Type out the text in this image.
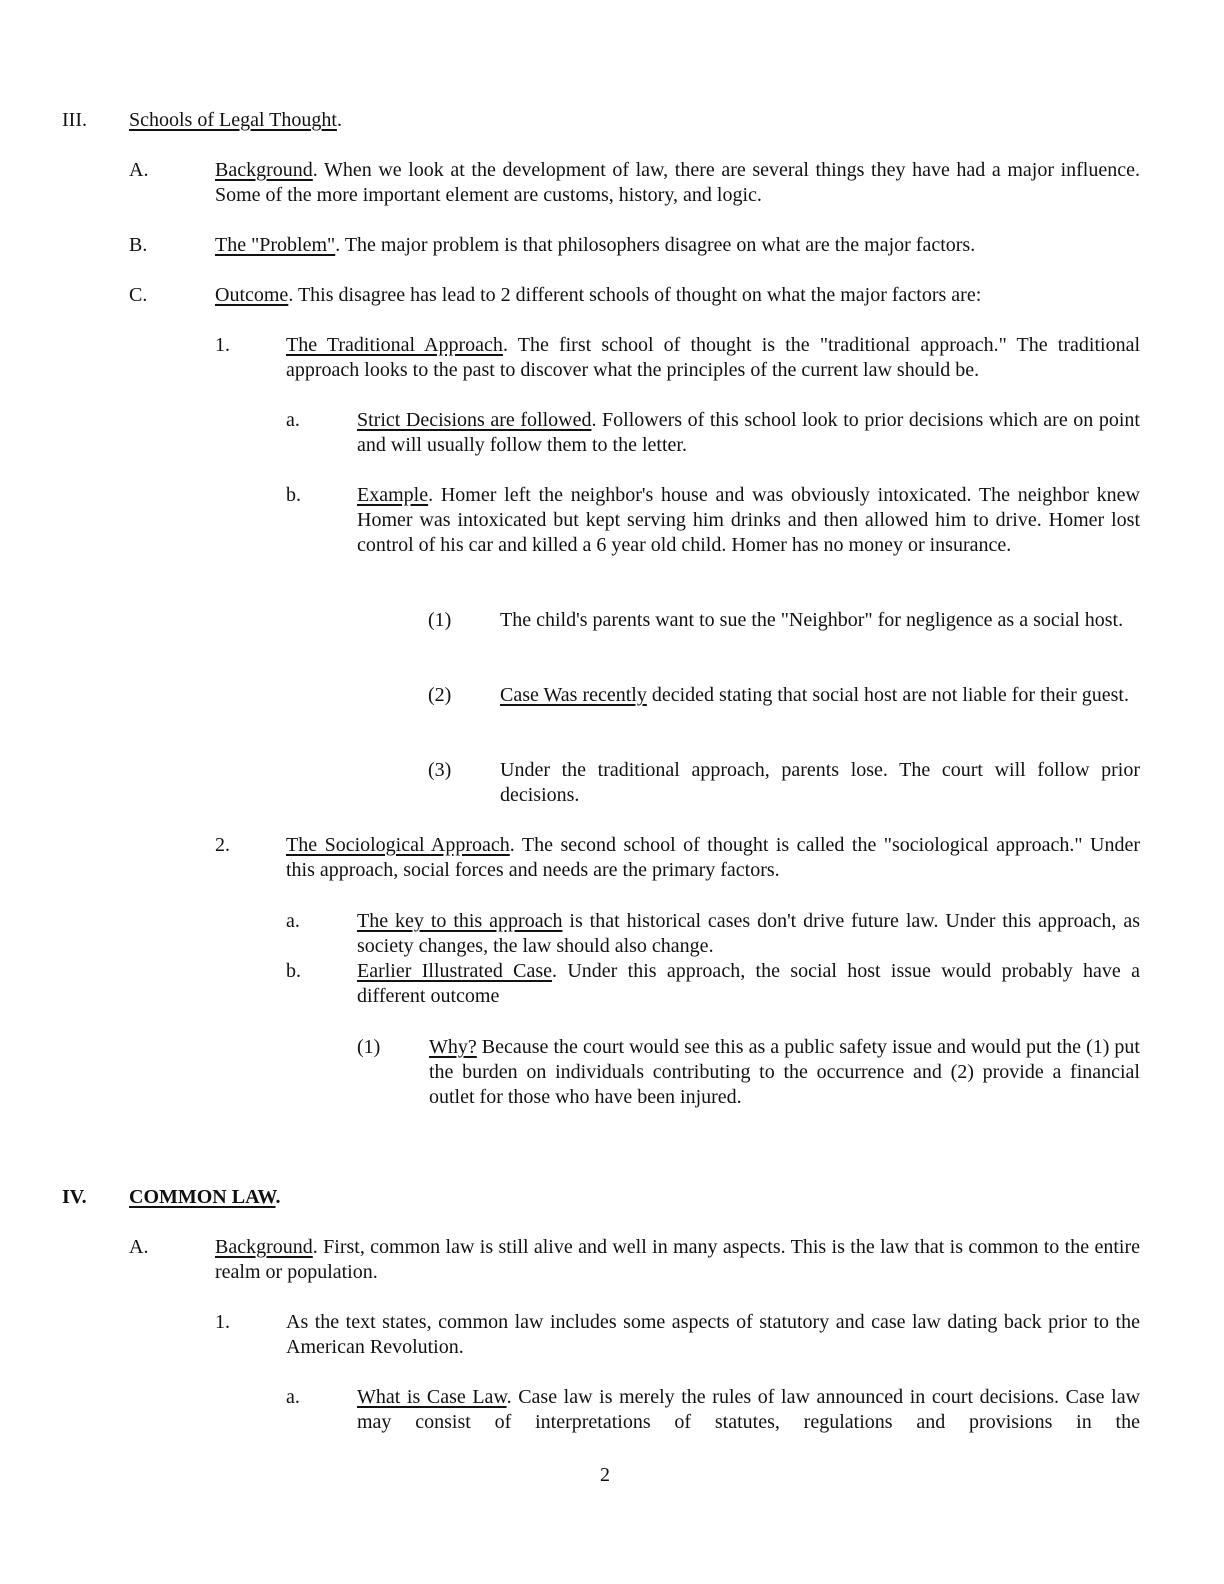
III. Schools of Legal Thought.
A.	Background. When we look at the development of law, there are several things they have had a major influence. Some of the more important element are customs, history, and logic.
B.	The "Problem". The major problem is that philosophers disagree on what are the major factors.
C.	Outcome. This disagree has lead to 2 different schools of thought on what the major factors are:
1.	The Traditional Approach. The first school of thought is the "traditional approach." The traditional approach looks to the past to discover what the principles of the current law should be.
a.	Strict Decisions are followed. Followers of this school look to prior decisions which are on point and will usually follow them to the letter.
b.	Example. Homer left the neighbor's house and was obviously intoxicated. The neighbor knew Homer was intoxicated but kept serving him drinks and then allowed him to drive. Homer lost control of his car and killed a 6 year old child. Homer has no money or insurance.
(1) The child's parents want to sue the "Neighbor" for negligence as a social host.
(2) Case Was recently decided stating that social host are not liable for their guest.
(3) Under the traditional approach, parents lose. The court will follow prior decisions.
2.	The Sociological Approach. The second school of thought is called the "sociological approach." Under this approach, social forces and needs are the primary factors.
a.	The key to this approach is that historical cases don't drive future law. Under this approach, as society changes, the law should also change.
b.	Earlier Illustrated Case. Under this approach, the social host issue would probably have a different outcome
(1) Why? Because the court would see this as a public safety issue and would put the (1) put the burden on individuals contributing to the occurrence and (2) provide a financial outlet for those who have been injured.
IV. COMMON LAW.
A.	Background. First, common law is still alive and well in many aspects. This is the law that is common to the entire realm or population.
1.	As the text states, common law includes some aspects of statutory and case law dating back prior to the American Revolution.
a.	What is Case Law. Case law is merely the rules of law announced in court decisions. Case law may consist of interpretations of statutes, regulations and provisions in the
2
